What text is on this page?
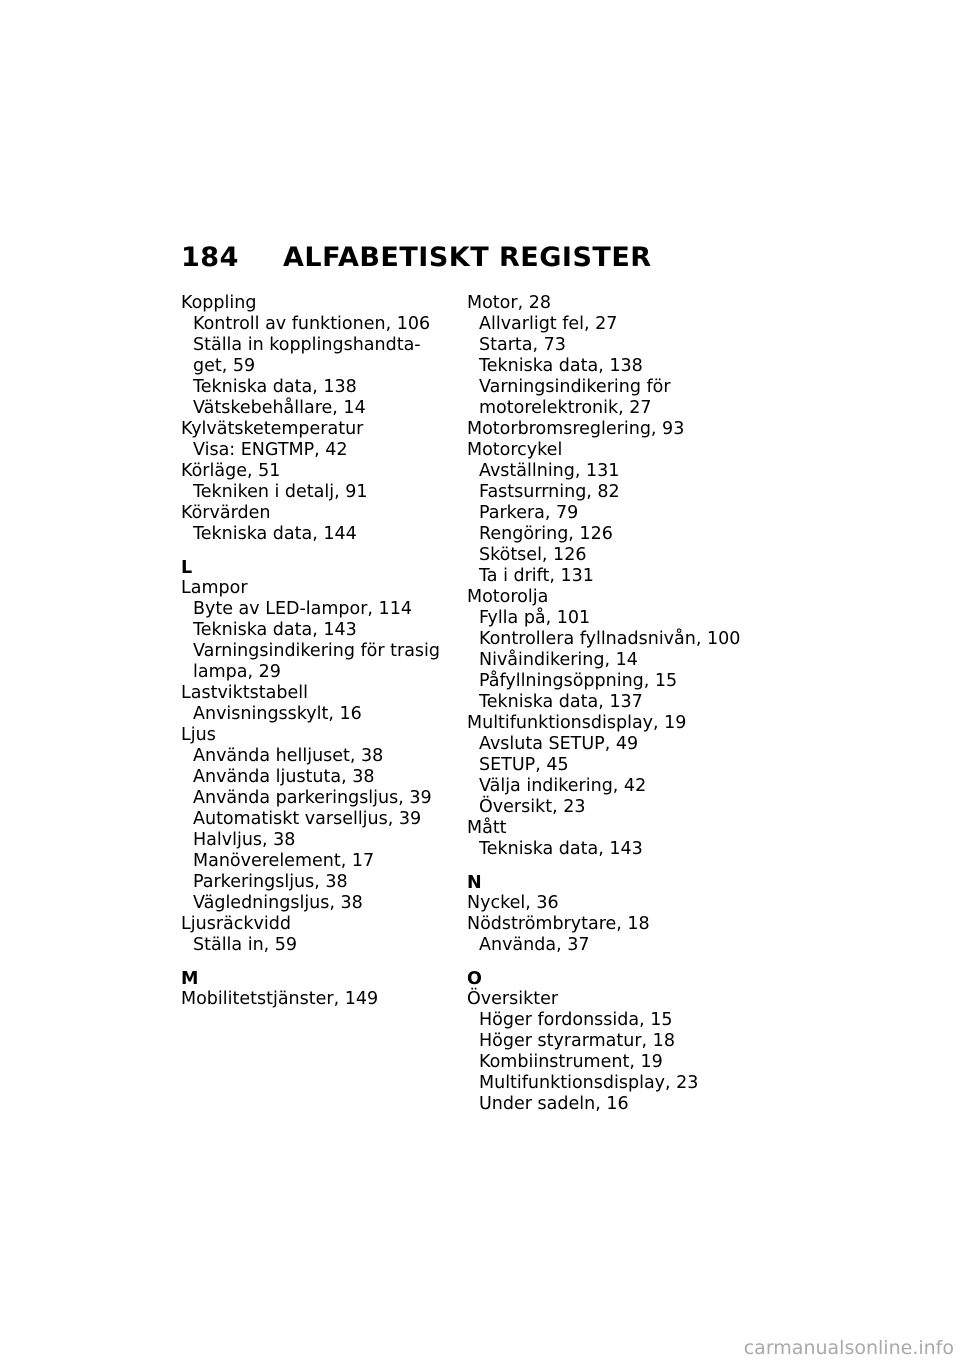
184 ALFABETISKT REGISTER
Koppling
Kontroll av funktionen, 106
Ställa in kopplingshandta-
get, 59
Tekniska data, 138
Vätskebehållare, 14
Kylvätsketemperatur
Visa: ENGTMP, 42
Körläge, 51
Tekniken i detalj, 91
Körvärden
Tekniska data, 144
L
Lampor
Byte av LED-lampor, 114
Tekniska data, 143
Varningsindikering för trasig
lampa, 29
Lastviktstabell
Anvisningsskylt, 16
Ljus
Använda helljuset, 38
Använda ljustuta, 38
Använda parkeringsljus, 39
Automatiskt varselljus, 39
Halvljus, 38
Manöverelement, 17
Parkeringsljus, 38
Vägledningsljus, 38
Ljusräckvidd
Ställa in, 59
M
Mobilitetstjänster, 149
Motor, 28
Allvarligt fel, 27
Starta, 73
Tekniska data, 138
Varningsindikering för
motorelektronik, 27
Motorbromsreglering, 93
Motorcykel
Avställning, 131
Fastsurrning, 82
Parkera, 79
Rengöring, 126
Skötsel, 126
Ta i drift, 131
Motorolja
Fylla på, 101
Kontrollera fyllnadsnivån, 100
Nivåindikering, 14
Påfyllningsöppning, 15
Tekniska data, 137
Multifunktionsdisplay, 19
Avsluta SETUP, 49
SETUP, 45
Välja indikering, 42
Översikt, 23
Mått
Tekniska data, 143
N
Nyckel, 36
Nödströmbrytare, 18
Använda, 37
O
Översikter
Höger fordonssida, 15
Höger styrarmatur, 18
Kombiinstrument, 19
Multifunktionsdisplay, 23
Under sadeln, 16
carmanualsonline.info
